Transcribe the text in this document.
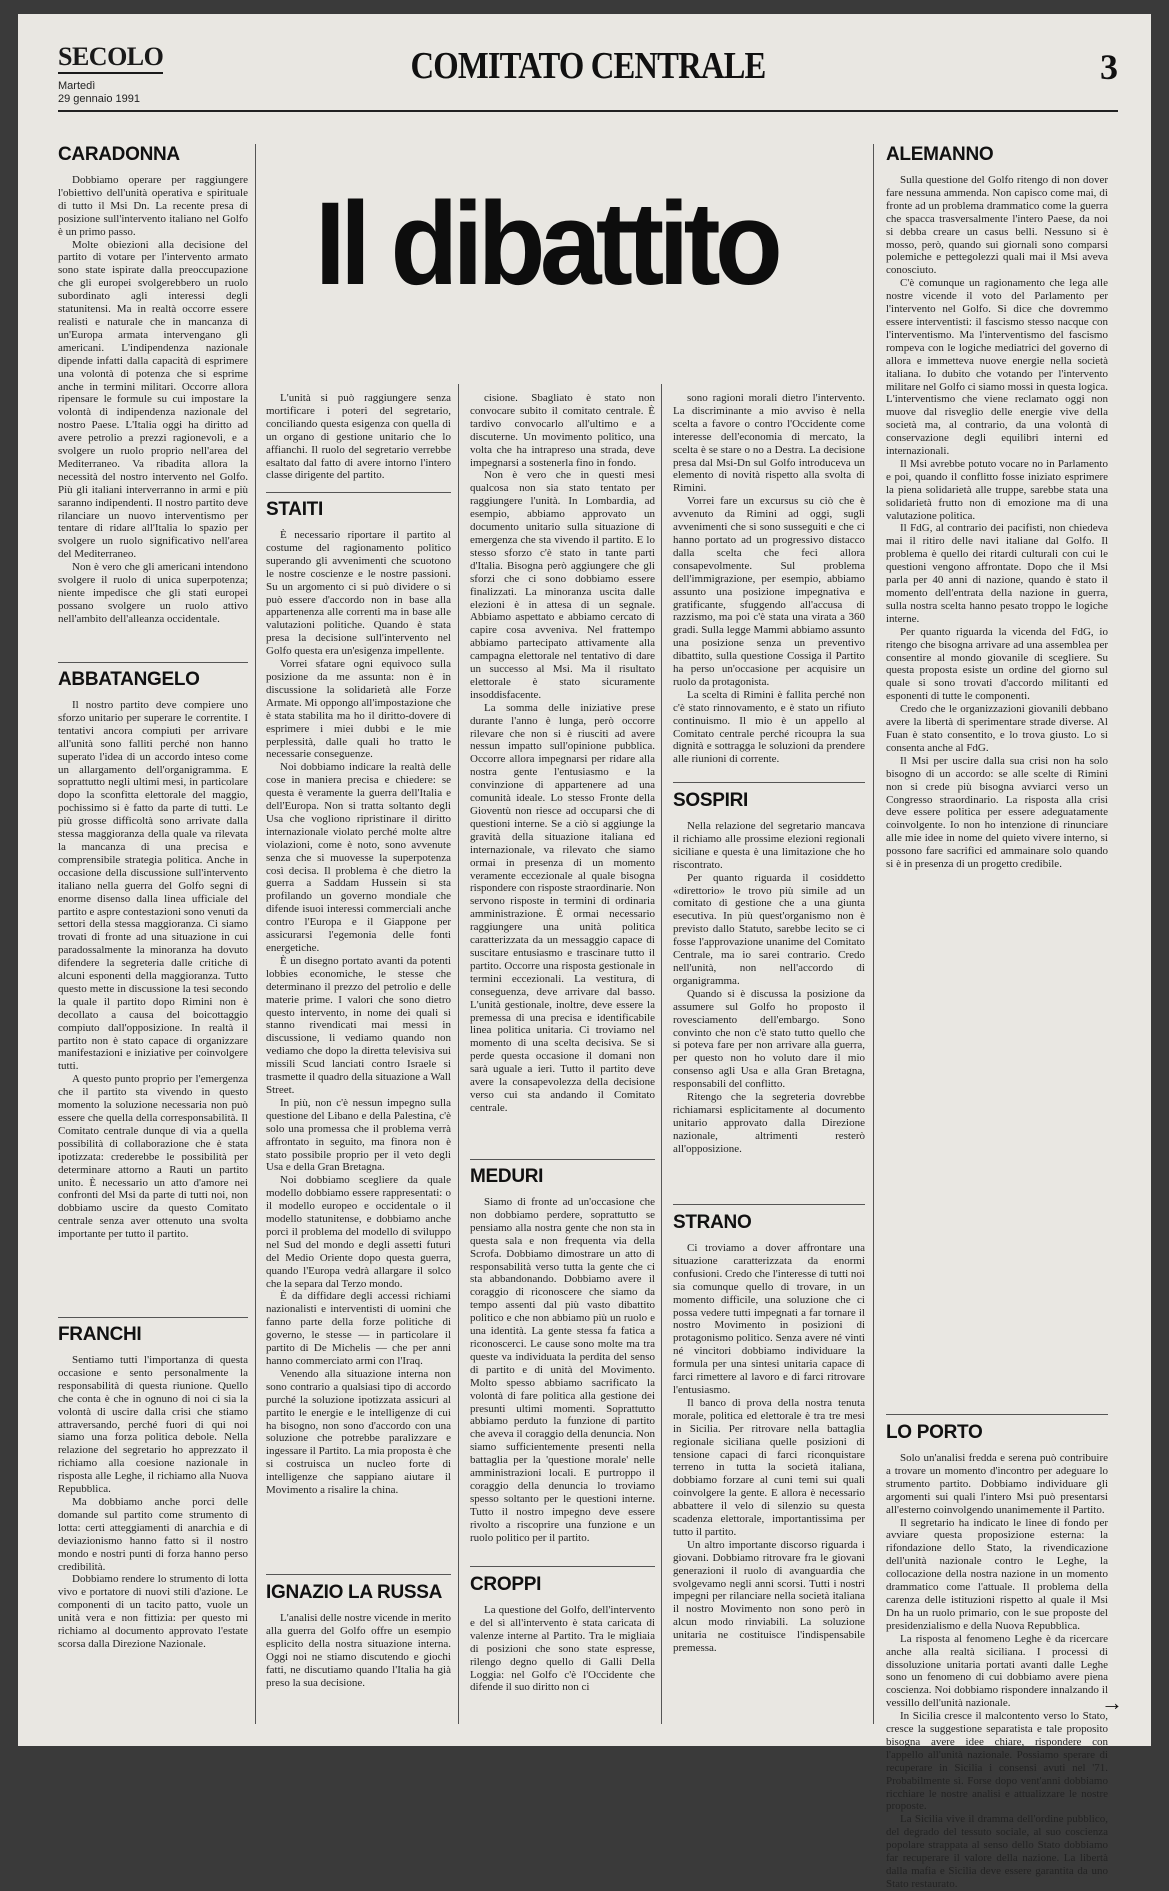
SECOLO
Martedì
29 gennaio 1991
COMITATO CENTRALE	3
Il dibattito
CARADONNA

Dobbiamo operare per raggiungere l'obiettivo dell'unità operativa e spirituale di tutto il Msi Dn. La recente presa di posizione sull'intervento italiano nel Golfo è un primo passo.

Molte obiezioni alla decisione del partito di votare per l'intervento armato sono state ispirate dalla preoccupazione che gli europei svolgerebbero un ruolo subordinato agli interessi degli statunitensi. Ma in realtà occorre essere realisti e naturale che in mancanza di un'Europa armata intervengano gli americani. L'indipendenza nazionale dipende infatti dalla capacità di esprimere una volontà di potenza che si esprime anche in termini militari. Occorre allora ripensare le formule su cui impostare la volontà di indipendenza nazionale del nostro Paese. L'Italia oggi ha diritto ad avere petrolio a prezzi ragionevoli, e a svolgere un ruolo proprio nell'area del Mediterraneo. Va ribadita allora la necessità del nostro intervento nel Golfo. Più gli italiani interverranno in armi e più saranno indipendenti. Il nostro partito deve rilanciare un nuovo interventismo per tentare di ridare all'Italia lo spazio per svolgere un ruolo significativo nell'area del Mediterraneo.

Non è vero che gli americani intendono svolgere il ruolo di unica superpotenza; niente impedisce che gli stati europei possano svolgere un ruolo attivo nell'ambito dell'alleanza occidentale.

ABBATANGELO

Il nostro partito deve compiere uno sforzo unitario per superare le correntite. I tentativi ancora compiuti per arrivare all'unità sono falliti perché non hanno superato l'idea di un accordo inteso come un allargamento dell'organigramma. E soprattutto negli ultimi mesi, in particolare dopo la sconfitta elettorale del maggio, pochissimo si è fatto da parte di tutti. Le più grosse difficoltà sono arrivate dalla stessa maggioranza della quale va rilevata la mancanza di una precisa e comprensibile strategia politica. Anche in occasione della discussione sull'intervento italiano nella guerra del Golfo segni di enorme disenso dalla linea ufficiale del partito e aspre contestazioni sono venuti da settori della stessa maggioranza. Ci siamo trovati di fronte ad una situazione in cui paradossalmente la minoranza ha dovuto difendere la segreteria dalle critiche di alcuni esponenti della maggioranza. Tutto questo mette in discussione la tesi secondo la quale il partito dopo Rimini non è decollato a causa del boicottaggio compiuto dall'opposizione. In realtà il partito non è stato capace di organizzare manifestazioni e iniziative per coinvolgere tutti.

A questo punto proprio per l'emergenza che il partito sta vivendo in questo momento la soluzione necessaria non può essere che quella della corresponsabilità. Il Comitato centrale dunque di via a quella possibilità di collaborazione che è stata ipotizzata: crederebbe le possibilità per determinare attorno a Rauti un partito unito. È necessario un atto d'amore nei confronti del Msi da parte di tutti noi, non dobbiamo uscire da questo Comitato centrale senza aver ottenuto una svolta importante per tutto il partito.

FRANCHI

Sentiamo tutti l'importanza di questa occasione e sento personalmente la responsabilità di questa riunione. Quello che conta è che in ognuno di noi ci sia la volontà di uscire dalla crisi che stiamo attraversando, perché fuori di qui noi siamo una forza politica debole. Nella relazione del segretario ho apprezzato il richiamo alla coesione nazionale in risposta alle Leghe, il richiamo alla Nuova Repubblica.

Ma dobbiamo anche porci delle domande sul partito come strumento di lotta: certi atteggiamenti di anarchia e di deviazionismo hanno fatto sì il nostro mondo e nostri punti di forza hanno perso credibilità.

Dobbiamo rendere lo strumento di lotta vivo e portatore di nuovi stili d'azione. Le componenti di un tacito patto, vuole un unità vera e non fittizia: per questo mi richiamo al documento approvato l'estate scorsa dalla Direzione Nazionale.

L'unità si può raggiungere senza mortificare i poteri del segretario, conciliando questa esigenza con quella di un organo di gestione unitario che lo affianchi. Il ruolo del segretario verrebbe esaltato dal fatto di avere intorno l'intero classe dirigente del partito.

STAITI

È necessario riportare il partito al costume del ragionamento politico superando gli avvenimenti che scuotono le nostre coscienze e le nostre passioni. Su un argomento ci si può dividere o si può essere d'accordo non in base alla appartenenza alle correnti ma in base alle valutazioni politiche. Quando è stata presa la decisione sull'intervento nel Golfo questa era un'esigenza impellente.

Vorrei sfatare ogni equivoco sulla posizione da me assunta: non è in discussione la solidarietà alle Forze Armate. Mi oppongo all'impostazione che è stata stabilita ma ho il diritto-dovere di esprimere i miei dubbi e le mie perplessità, dalle quali ho tratto le necessarie conseguenze.

Noi dobbiamo indicare la realtà delle cose in maniera precisa e chiedere: se questa è veramente la guerra dell'Italia e dell'Europa. Non si tratta soltanto degli Usa che vogliono ripristinare il diritto internazionale violato perché molte altre violazioni, come è noto, sono avvenute senza che si muovesse la superpotenza così decisa. Il problema è che dietro la guerra a Saddam Hussein si sta profilando un governo mondiale che difende isuoi interessi commerciali anche contro l'Europa e il Giappone per assicurarsi l'egemonia delle fonti energetiche.

È un disegno portato avanti da potenti lobbies economiche, le stesse che determinano il prezzo del petrolio e delle materie prime. I valori che sono dietro questo intervento, in nome dei quali si stanno rivendicati mai messi in discussione, li vediamo quando non vediamo che dopo la diretta televisiva sui missili Scud lanciati contro Israele si trasmette il quadro della situazione a Wall Street.

In più, non c'è nessun impegno sulla questione del Libano e della Palestina, c'è solo una promessa che il problema verrà affrontato in seguito, ma finora non è stato possibile proprio per il veto degli Usa e della Gran Bretagna.

Noi dobbiamo scegliere da quale modello dobbiamo essere rappresentati: o il modello europeo e occidentale o il modello statunitense, e dobbiamo anche porci il problema del modello di sviluppo nel Sud del mondo e degli assetti futuri del Medio Oriente dopo questa guerra, quando l'Europa vedrà allargare il solco che la separa dal Terzo mondo.

È da diffidare degli accessi richiami nazionalisti e interventisti di uomini che fanno parte della forze politiche di governo, le stesse — in particolare il partito di De Michelis — che per anni hanno commerciato armi con l'Iraq.

Venendo alla situazione interna non sono contrario a qualsiasi tipo di accordo purché la soluzione ipotizzata assicuri al partito le energie e le intelligenze di cui ha bisogno, non sono d'accordo con una soluzione che potrebbe paralizzare e ingessare il Partito. La mia proposta è che si costruisca un nucleo forte di intelligenze che sappiano aiutare il Movimento a risalire la china.

IGNAZIO LA RUSSA

L'analisi delle nostre vicende in merito alla guerra del Golfo offre un esempio esplicito della nostra situazione interna. Oggi noi ne stiamo discutendo e giochi fatti, ne discutiamo quando l'Italia ha già preso la sua decisione.

cisione. Sbagliato è stato non convocare subito il comitato centrale. È tardivo convocarlo all'ultimo e a discuterne. Un movimento politico, una volta che ha intrapreso una strada, deve impegnarsi a sostenerla fino in fondo.

Non è vero che in questi mesi qualcosa non sia stato tentato per raggiungere l'unità. In Lombardia, ad esempio, abbiamo approvato un documento unitario sulla situazione di emergenza che sta vivendo il partito. E lo stesso sforzo c'è stato in tante parti d'Italia. Bisogna però aggiungere che gli sforzi che ci sono dobbiamo essere finalizzati. La minoranza uscita dalle elezioni è in attesa di un segnale. Abbiamo aspettato e abbiamo cercato di capire cosa avveniva. Nel frattempo abbiamo partecipato attivamente alla campagna elettorale nel tentativo di dare un successo al Msi. Ma il risultato elettorale è stato sicuramente insoddisfacente.

La somma delle iniziative prese durante l'anno è lunga, però occorre rilevare che non si è riusciti ad avere nessun impatto sull'opinione pubblica. Occorre allora impegnarsi per ridare alla nostra gente l'entusiasmo e la convinzione di appartenere ad una comunità ideale. Lo stesso Fronte della Gioventù non riesce ad occuparsi che di questioni interne. Se a ciò si aggiunge la gravità della situazione italiana ed internazionale, va rilevato che siamo ormai in presenza di un momento veramente eccezionale al quale bisogna rispondere con risposte straordinarie. Non servono risposte in termini di ordinaria amministrazione. È ormai necessario raggiungere una unità politica caratterizzata da un messaggio capace di suscitare entusiasmo e trascinare tutto il partito. Occorre una risposta gestionale in termini eccezionali. La vestitura, di conseguenza, deve arrivare dal basso. L'unità gestionale, inoltre, deve essere la premessa di una precisa e identificabile linea politica unitaria. Ci troviamo nel momento di una scelta decisiva. Se si perde questa occasione il domani non sarà uguale a ieri. Tutto il partito deve avere la consapevolezza della decisione verso cui sta andando il Comitato centrale.

MEDURI

Siamo di fronte ad un'occasione che non dobbiamo perdere, soprattutto se pensiamo alla nostra gente che non sta in questa sala e non frequenta via della Scrofa. Dobbiamo dimostrare un atto di responsabilità verso tutta la gente che ci sta abbandonando. Dobbiamo avere il coraggio di riconoscere che siamo da tempo assenti dal più vasto dibattito politico e che non abbiamo più un ruolo e una identità. La gente stessa fa fatica a riconoscerci. Le cause sono molte ma tra queste va individuata la perdita del senso di partito e di unità del Movimento. Molto spesso abbiamo sacrificato la volontà di fare politica alla gestione dei presunti ultimi momenti. Soprattutto abbiamo perduto la funzione di partito che aveva il coraggio della denuncia. Non siamo sufficientemente presenti nella battaglia per la 'questione morale' nelle amministrazioni locali. E purtroppo il coraggio della denuncia lo troviamo spesso soltanto per le questioni interne. Tutto il nostro impegno deve essere rivolto a riscoprire una funzione e un ruolo politico per il partito.

CROPPI

La questione del Golfo, dell'intervento e del sì all'intervento è stata caricata di valenze interne al Partito. Tra le migliaia di posizioni che sono state espresse, rilengo degno quello di Galli Della Loggia: nel Golfo c'è l'Occidente che difende il suo diritto non ci

sono ragioni morali dietro l'intervento. La discriminante a mio avviso è nella scelta a favore o contro l'Occidente come interesse dell'economia di mercato, la scelta è se stare o no a Destra. La decisione presa dal Msi-Dn sul Golfo introduceva un elemento di novità rispetto alla svolta di Rimini.

Vorrei fare un excursus su ciò che è avvenuto da Rimini ad oggi, sugli avvenimenti che si sono susseguiti e che ci hanno portato ad un progressivo distacco dalla scelta che feci allora consapevolmente. Sul problema dell'immigrazione, per esempio, abbiamo assunto una posizione impegnativa e gratificante, sfuggendo all'accusa di razzismo, ma poi c'è stata una virata a 360 gradi. Sulla legge Mammì abbiamo assunto una posizione senza un preventivo dibattito, sulla questione Cossiga il Partito ha perso un'occasione per acquisire un ruolo da protagonista.

La scelta di Rimini è fallita perché non c'è stato rinnovamento, e è stato un rifiuto continuismo. Il mio è un appello al Comitato centrale perché ricoupra la sua dignità e sottragga le soluzioni da prendere alle riunioni di corrente.

SOSPIRI

Nella relazione del segretario mancava il richiamo alle prossime elezioni regionali siciliane e questa è una limitazione che ho riscontrato.

Per quanto riguarda il cosiddetto «direttorio» le trovo più simile ad un comitato di gestione che a una giunta esecutiva. In più quest'organismo non è previsto dallo Statuto, sarebbe lecito se ci fosse l'approvazione unanime del Comitato Centrale, ma io sarei contrario. Credo nell'unità, non nell'accordo di organigramma.

Quando si è discussa la posizione da assumere sul Golfo ho proposto il rovesciamento dell'embargo. Sono convinto che non c'è stato tutto quello che si poteva fare per non arrivare alla guerra, per questo non ho voluto dare il mio consenso agli Usa e alla Gran Bretagna, responsabili del conflitto.

Ritengo che la segreteria dovrebbe richiamarsi esplicitamente al documento unitario approvato dalla Direzione nazionale, altrimenti resterò all'opposizione.

STRANO

Ci troviamo a dover affrontare una situazione caratterizzata da enormi confusioni. Credo che l'interesse di tutti noi sia comunque quello di trovare, in un momento difficile, una soluzione che ci possa vedere tutti impegnati a far tornare il nostro Movimento in posizioni di protagonismo politico. Senza avere né vinti né vincitori dobbiamo individuare la formula per una sintesi unitaria capace di farci rimettere al lavoro e di farci ritrovare l'entusiasmo.

Il banco di prova della nostra tenuta morale, politica ed elettorale è tra tre mesi in Sicilia. Per ritrovare nella battaglia regionale siciliana quelle posizioni di tensione capaci di farci riconquistare terreno in tutta la società italiana, dobbiamo forzare al cuni temi sui quali coinvolgere la gente. E allora è necessario abbattere il velo di silenzio su questa scadenza elettorale, importantissima per tutto il partito.

Un altro importante discorso riguarda i giovani. Dobbiamo ritrovare fra le giovani generazioni il ruolo di avanguardia che svolgevamo negli anni scorsi. Tutti i nostri impegni per rilanciare nella società italiana il nostro Movimento non sono però in alcun modo rinviabili. La soluzione unitaria ne costituisce l'indispensabile premessa.

ALEMANNO

Sulla questione del Golfo ritengo di non dover fare nessuna ammenda. Non capisco come mai, di fronte ad un problema drammatico come la guerra che spacca trasversalmente l'intero Paese, da noi si debba creare un casus belli. Nessuno si è mosso, però, quando sui giornali sono comparsi polemiche e pettegolezzi quali mai il Msi aveva conosciuto.

C'è comunque un ragionamento che lega alle nostre vicende il voto del Parlamento per l'intervento nel Golfo. Si dice che dovremmo essere interventisti: il fascismo stesso nacque con l'interventismo. Ma l'interventismo del fascismo rompeva con le logiche mediatrici del governo di allora e immetteva nuove energie nella società italiana. Io dubito che votando per l'intervento militare nel Golfo ci siamo mossi in questa logica. L'interventismo che viene reclamato oggi non muove dal risveglio delle energie vive della società ma, al contrario, da una volontà di conservazione degli equilibri interni ed internazionali.

Il Msi avrebbe potuto vocare no in Parlamento e poi, quando il conflitto fosse iniziato esprimere la piena solidarietà alle truppe, sarebbe stata una solidarietà frutto non di emozione ma di una valutazione politica.

Il FdG, al contrario dei pacifisti, non chiedeva mai il ritiro delle navi italiane dal Golfo. Il problema è quello dei ritardi culturali con cui le questioni vengono affrontate. Dopo che il Msi parla per 40 anni di nazione, quando è stato il momento dell'entrata della nazione in guerra, sulla nostra scelta hanno pesato troppo le logiche interne.

Per quanto riguarda la vicenda del FdG, io ritengo che bisogna arrivare ad una assemblea per consentire al mondo giovanile di scegliere. Su questa proposta esiste un ordine del giorno sul quale si sono trovati d'accordo militanti ed esponenti di tutte le componenti.

Credo che le organizzazioni giovanili debbano avere la libertà di sperimentare strade diverse. Al Fuan è stato consentito, e lo trova giusto. Lo si consenta anche al FdG.

Il Msi per uscire dalla sua crisi non ha solo bisogno di un accordo: se alle scelte di Rimini non si crede più bisogna avviarci verso un Congresso straordinario. La risposta alla crisi deve essere politica per essere adeguatamente coinvolgente. Io non ho intenzione di rinunciare alle mie idee in nome del quieto vivere interno, si possono fare sacrifici ed ammainare solo quando si è in presenza di un progetto credibile.

LO PORTO

Solo un'analisi fredda e serena può contribuire a trovare un momento d'incontro per adeguare lo strumento partito. Dobbiamo individuare gli argomenti sui quali l'intero Msi può presentarsi all'esterno coinvolgendo unanimemente il Partito.

Il segretario ha indicato le linee di fondo per avviare questa proposizione esterna: la rifondazione dello Stato, la rivendicazione dell'unità nazionale contro le Leghe, la collocazione della nostra nazione in un momento drammatico come l'attuale. Il problema della carenza delle istituzioni rispetto al quale il Msi Dn ha un ruolo primario, con le sue proposte del presidenzialismo e della Nuova Repubblica.

La risposta al fenomeno Leghe è da ricercare anche alla realtà siciliana. I processi di dissoluzione unitaria portati avanti dalle Leghe sono un fenomeno di cui dobbiamo avere piena coscienza. Noi dobbiamo rispondere innalzando il vessillo dell'unità nazionale.

In Sicilia cresce il malcontento verso lo Stato, cresce la suggestione separatista e tale proposito bisogna avere idee chiare, rispondere con l'appello all'unità nazionale. Possiamo sperare di recuperare in Sicilia i consensi avuti nel '71. Probabilmente sì. Forse dopo vent'anni dobbiamo ricchiare le nostre analisi e attualizzare le nostre proposte.

La Sicilia vive il dramma dell'ordine pubblico, del degrado del tessuto sociale, al suo coscienza popolare strappata al senso dello Stato dobbiamo far recuperare il valore della nazione. La libertà dalla mafia e Sicilia deve essere garantita da uno Stato restaurato.

→
